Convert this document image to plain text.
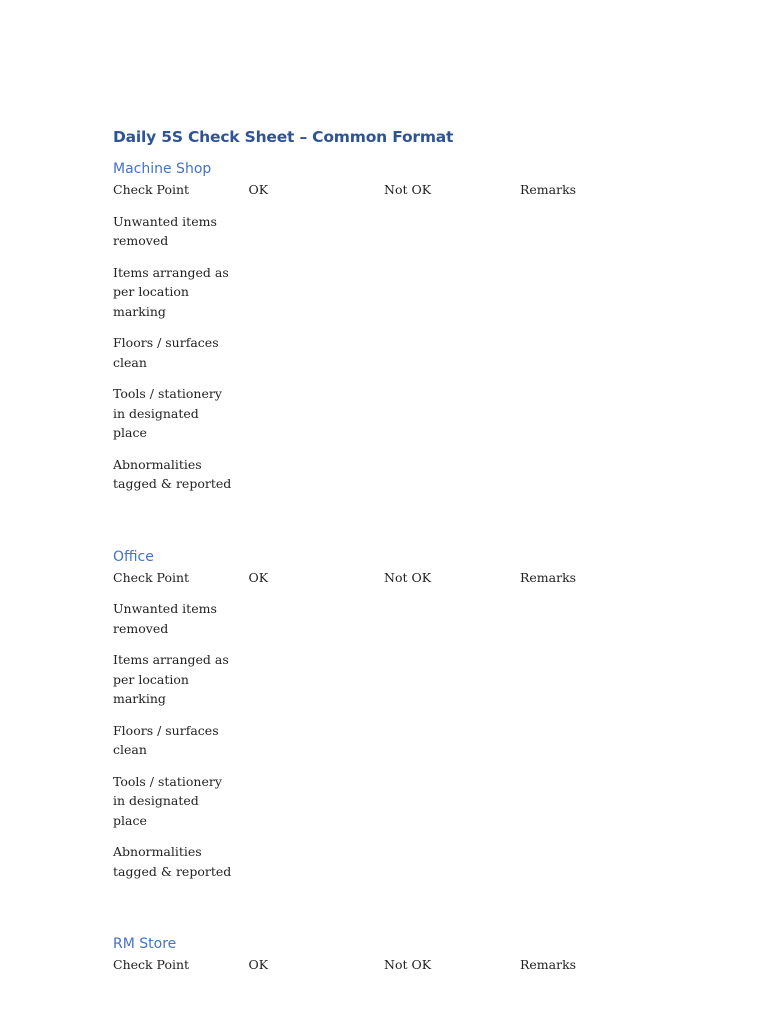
Daily 5S Check Sheet – Common Format
Machine Shop
Check Point	OK	Not OK	Remarks
Unwanted items removed			
Items arranged as per location marking			
Floors / surfaces clean			
Tools / stationery in designated place			
Abnormalities tagged & reported			
Office
Check Point	OK	Not OK	Remarks
Unwanted items removed			
Items arranged as per location marking			
Floors / surfaces clean			
Tools / stationery in designated place			
Abnormalities tagged & reported			
RM Store
Check Point	OK	Not OK	Remarks
